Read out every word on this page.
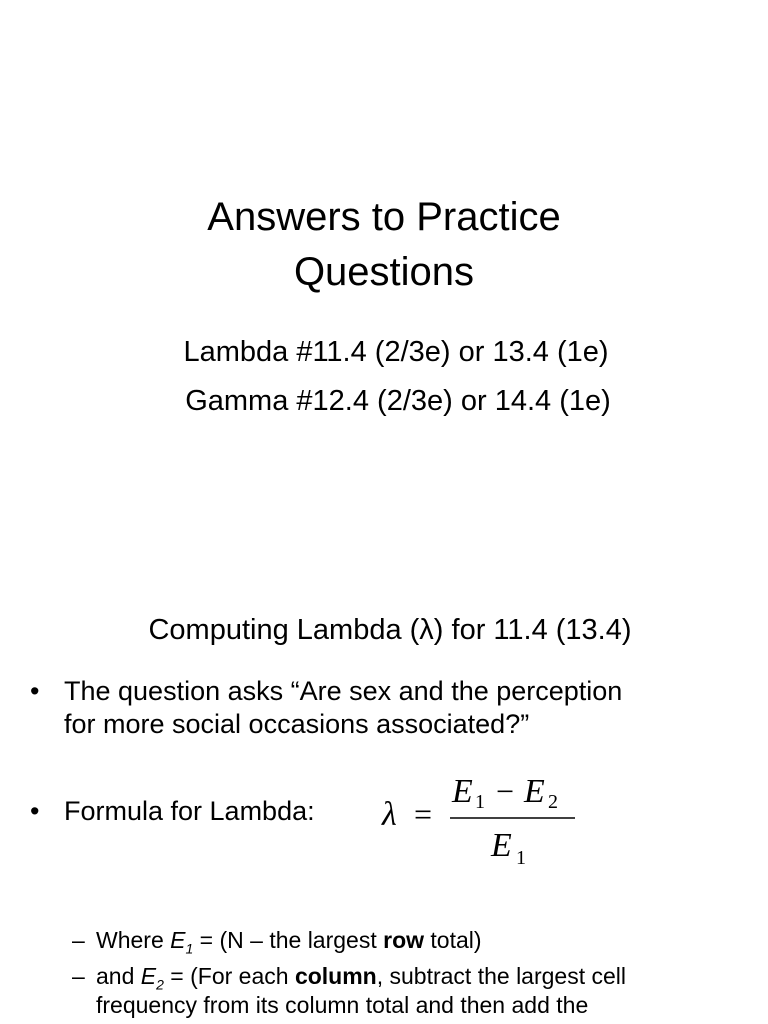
Answers to Practice
Questions
Lambda #11.4 (2/3e) or 13.4 (1e)
Gamma #12.4 (2/3e) or 14.4 (1e)
Computing Lambda (λ) for 11.4 (13.4)
• The question asks “Are sex and the perception
for more social occasions associated?”
• Formula for Lambda: λ =
E 1 − E 2
E 1
– Where $E_1 = (N$ – the largest row total)
– and $E_2 = (For$ each column, subtract the largest cell
frequency from its column total and then add the
